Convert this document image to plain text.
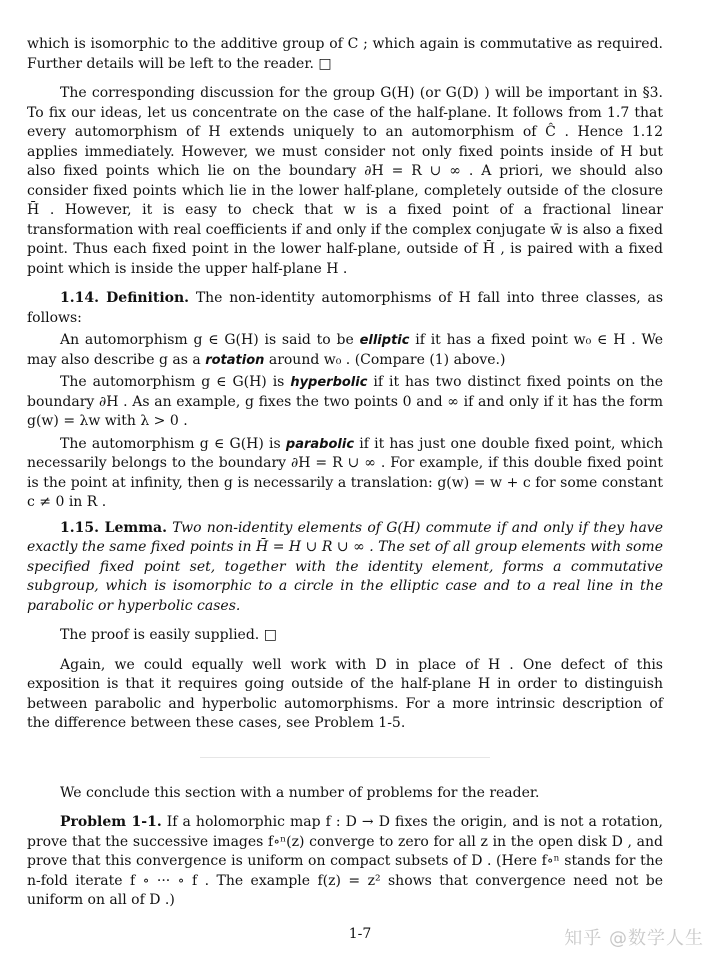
which is isomorphic to the additive group of C ; which again is commutative as required. Further details will be left to the reader. □

The corresponding discussion for the group G(H) (or G(D) ) will be important in §3. To fix our ideas, let us concentrate on the case of the half-plane. It follows from 1.7 that every automorphism of H extends uniquely to an automorphism of Ĉ . Hence 1.12 applies immediately. However, we must consider not only fixed points inside of H but also fixed points which lie on the boundary ∂H = R ∪ ∞ . A priori, we should also consider fixed points which lie in the lower half-plane, completely outside of the closure H̄ . However, it is easy to check that w is a fixed point of a fractional linear transformation with real coefficients if and only if the complex conjugate w̄ is also a fixed point. Thus each fixed point in the lower half-plane, outside of H̄ , is paired with a fixed point which is inside the upper half-plane H .

1.14. Definition. The non-identity automorphisms of H fall into three classes, as follows:

An automorphism g ∈ G(H) is said to be elliptic if it has a fixed point w₀ ∈ H . We may also describe g as a rotation around w₀ . (Compare (1) above.)

The automorphism g ∈ G(H) is hyperbolic if it has two distinct fixed points on the boundary ∂H . As an example, g fixes the two points 0 and ∞ if and only if it has the form g(w) = λw with λ > 0 .

The automorphism g ∈ G(H) is parabolic if it has just one double fixed point, which necessarily belongs to the boundary ∂H = R ∪ ∞ . For example, if this double fixed point is the point at infinity, then g is necessarily a translation: g(w) = w + c for some constant c ≠ 0 in R .

1.15. Lemma. Two non-identity elements of G(H) commute if and only if they have exactly the same fixed points in H̄ = H ∪ R ∪ ∞ . The set of all group elements with some specified fixed point set, together with the identity element, forms a commutative subgroup, which is isomorphic to a circle in the elliptic case and to a real line in the parabolic or hyperbolic cases.

The proof is easily supplied. □

Again, we could equally well work with D in place of H . One defect of this exposition is that it requires going outside of the half-plane H in order to distinguish between parabolic and hyperbolic automorphisms. For a more intrinsic description of the difference between these cases, see Problem 1-5.

We conclude this section with a number of problems for the reader.

Problem 1-1. If a holomorphic map f : D → D fixes the origin, and is not a rotation, prove that the successive images f∘ⁿ(z) converge to zero for all z in the open disk D , and prove that this convergence is uniform on compact subsets of D . (Here f∘ⁿ stands for the n-fold iterate f ∘ ··· ∘ f . The example f(z) = z² shows that convergence need not be uniform on all of D .)

1-7	知乎 @数学人生
